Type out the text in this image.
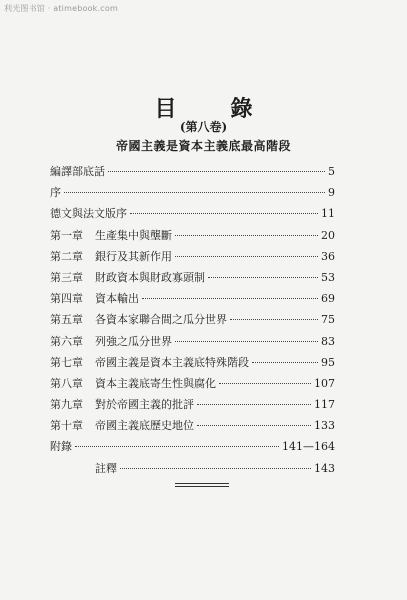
利光图书馆 · atimebook.com
目　錄
(第八卷)
帝國主義是資本主義底最高階段
編譯部底話	5
序	9
德文與法文版序	11
第一章	生產集中與壟斷	20
第二章	銀行及其新作用	36
第三章	財政資本與財政寡頭制	53
第四章	資本輸出	69
第五章	各資本家聯合間之瓜分世界	75
第六章	列強之瓜分世界	83
第七章	帝國主義是資本主義底特殊階段	95
第八章	資本主義底寄生性與腐化	107
第九章	對於帝國主義的批評	117
第十章	帝國主義底歷史地位	133
附錄	141—164
註釋	143
